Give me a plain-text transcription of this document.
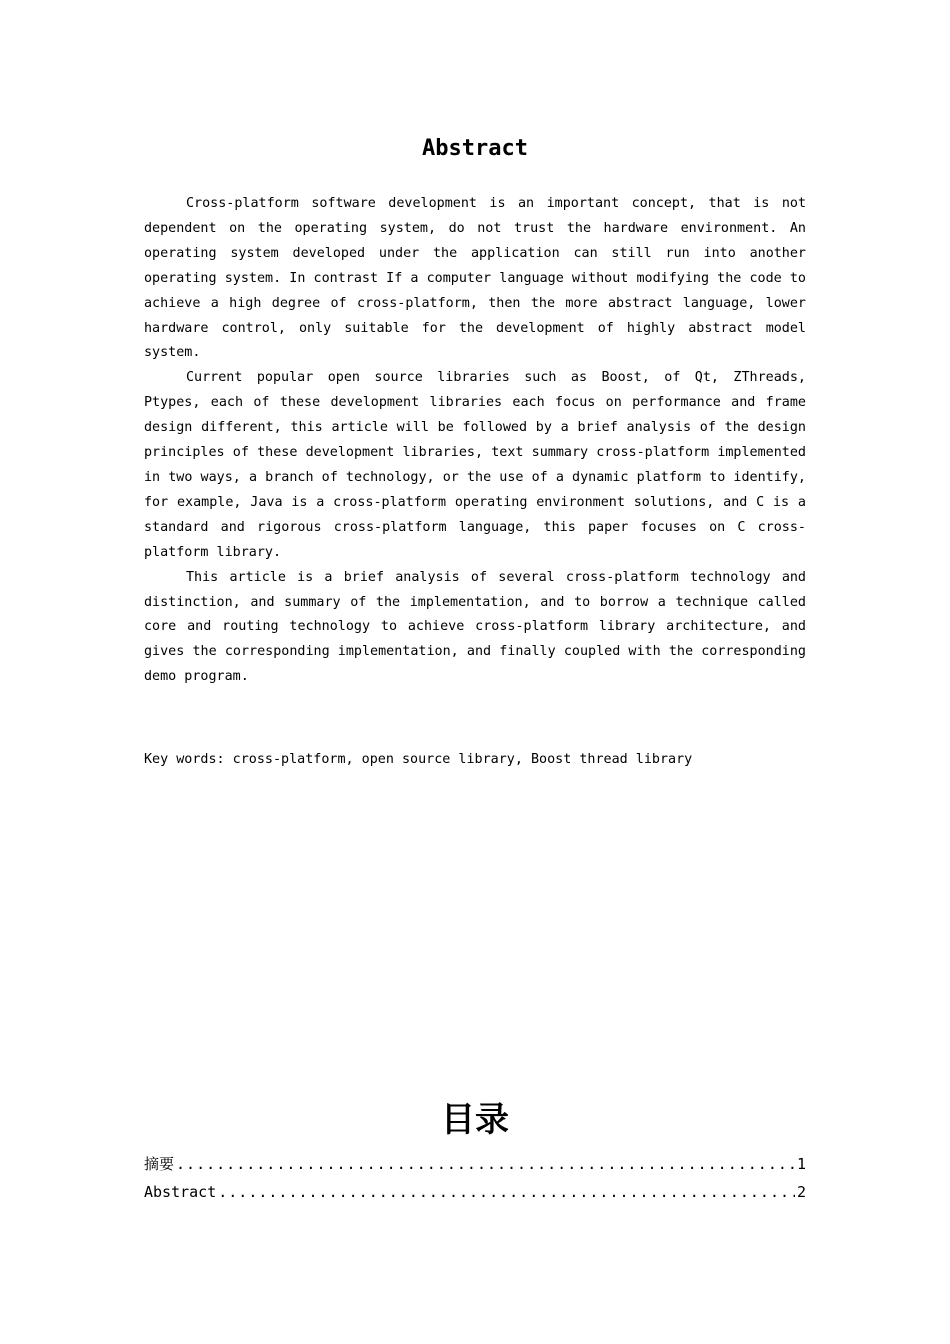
Abstract

Cross-platform software development is an important concept, that is not dependent on the operating system, do not trust the hardware environment. An operating system developed under the application can still run into another operating system. In contrast If a computer language without modifying the code to achieve a high degree of cross-platform, then the more abstract language, lower hardware control, only suitable for the development of highly abstract model system.

Current popular open source libraries such as Boost, of Qt, ZThreads, Ptypes, each of these development libraries each focus on performance and frame design different, this article will be followed by a brief analysis of the design principles of these development libraries, text summary cross-platform implemented in two ways, a branch of technology, or the use of a dynamic platform to identify, for example, Java is a cross-platform operating environment solutions, and C is a standard and rigorous cross-platform language, this paper focuses on C cross-platform library.

This article is a brief analysis of several cross-platform technology and distinction, and summary of the implementation, and to borrow a technique called core and routing technology to achieve cross-platform library architecture, and gives the corresponding implementation, and finally coupled with the corresponding demo program.

Key words: cross-platform, open source library, Boost thread library

目录
摘要 .....	1
Abstract .....	2
